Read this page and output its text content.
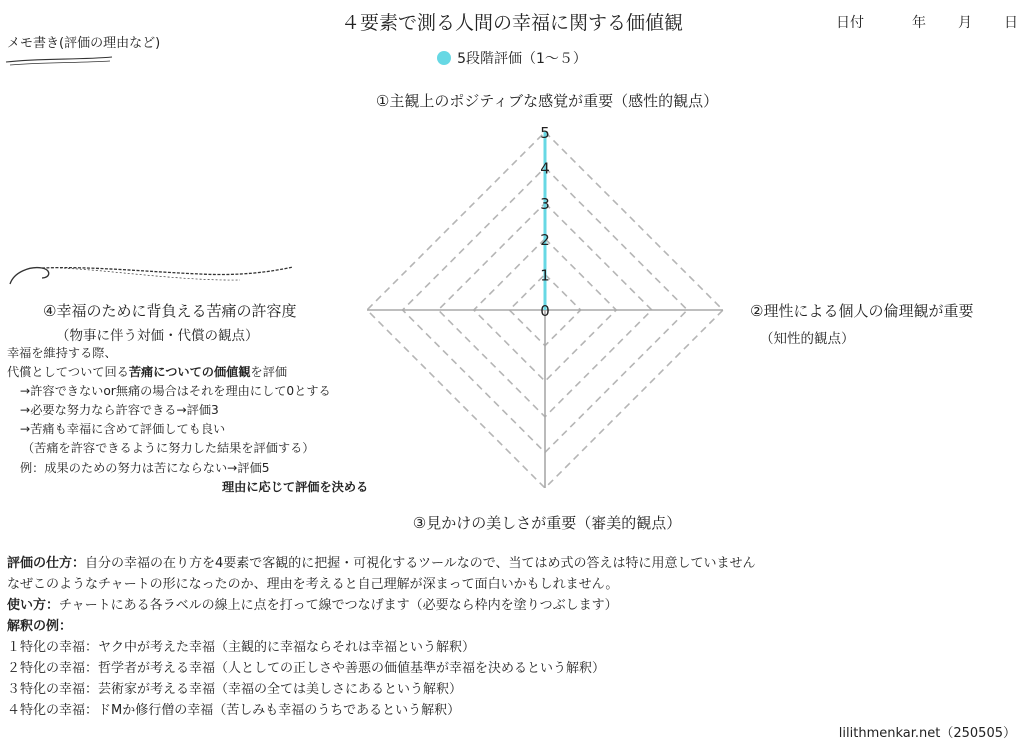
４要素で測る人間の幸福に関する価値観	日付	年 月 日
メモ書き(評価の理由など)
5段階評価（1〜５）
0
1
2
3
4
5
①主観上のポジティブな感覚が重要（感性的観点）
②理性による個人の倫理観が重要
（知性的観点）
③見かけの美しさが重要（審美的観点）
④幸福のために背負える苦痛の許容度
（物事に伴う対価・代償の観点）
幸福を維持する際、
代償としてついて回る苦痛についての価値観を評価
→許容できないor無痛の場合はそれを理由にして0とする
→必要な努力なら許容できる→評価3
→苦痛も幸福に含めて評価しても良い
（苦痛を許容できるように努力した結果を評価する）
例：成果のための努力は苦にならない→評価5
理由に応じて評価を決める
評価の仕方：自分の幸福の在り方を4要素で客観的に把握・可視化するツールなので、当てはめ式の答えは特に用意していません
なぜこのようなチャートの形になったのか、理由を考えると自己理解が深まって面白いかもしれません。
使い方：チャートにある各ラベルの線上に点を打って線でつなげます（必要なら枠内を塗りつぶします）
解釈の例：
１特化の幸福：ヤク中が考えた幸福（主観的に幸福ならそれは幸福という解釈）
２特化の幸福：哲学者が考える幸福（人としての正しさや善悪の価値基準が幸福を決めるという解釈）
３特化の幸福：芸術家が考える幸福（幸福の全ては美しさにあるという解釈）
４特化の幸福：ドMか修行僧の幸福（苦しみも幸福のうちであるという解釈）
lilithmenkar.net（250505）
